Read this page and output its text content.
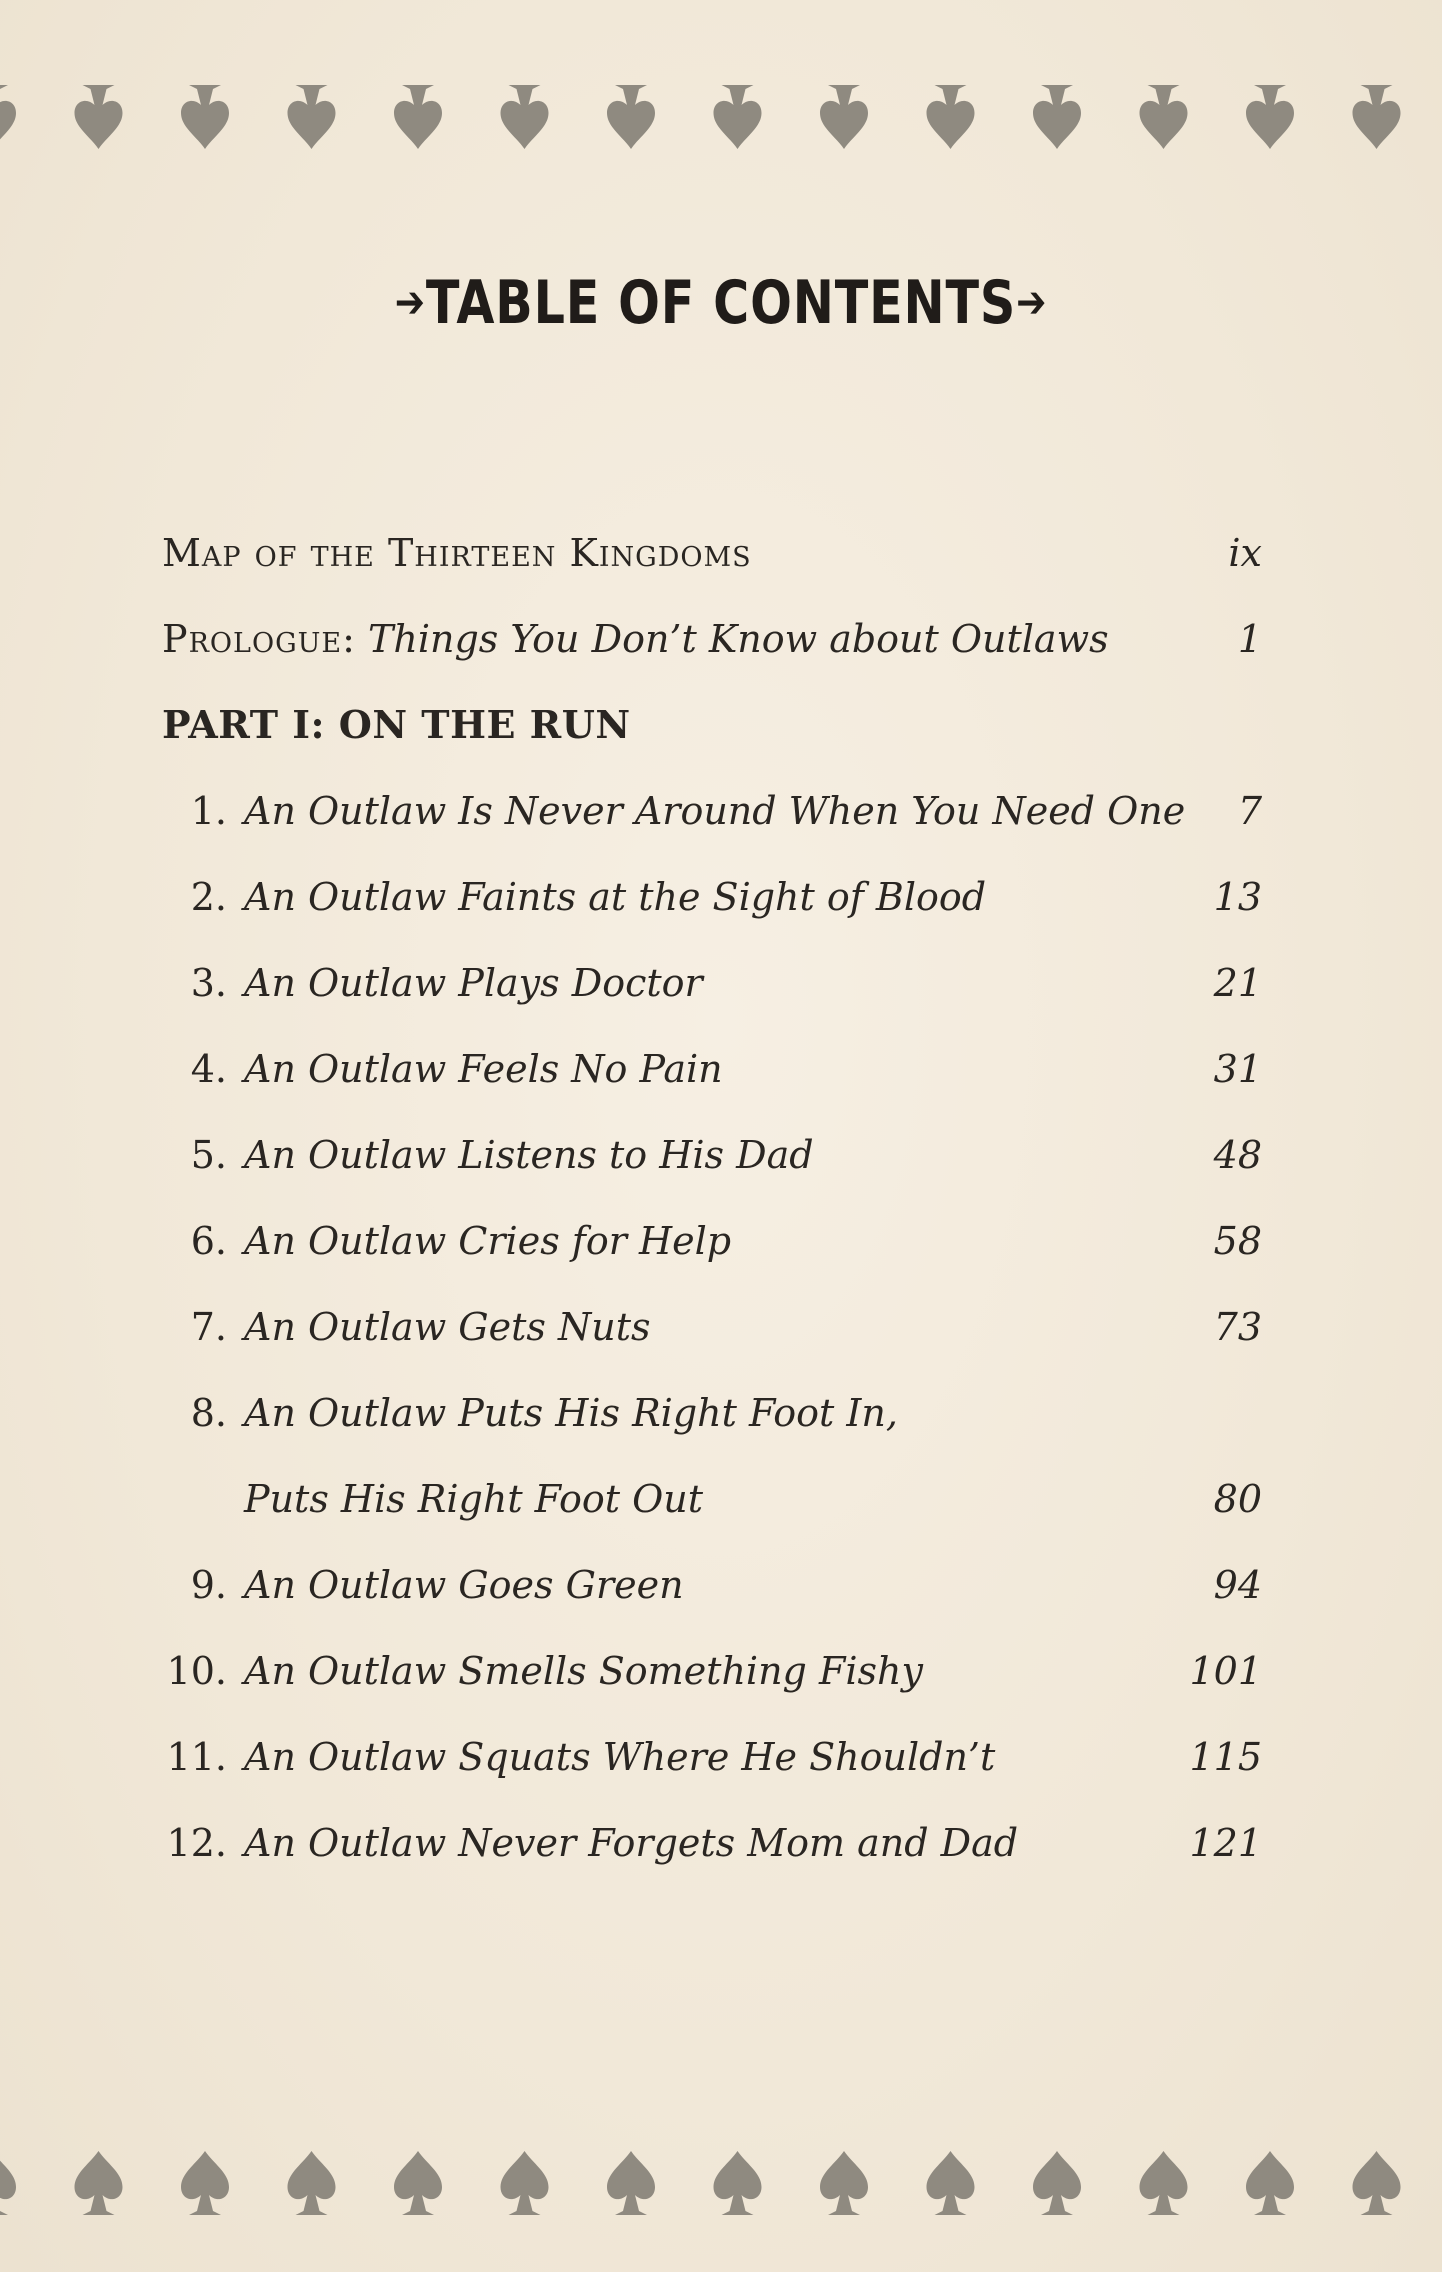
➔TABLE OF CONTENTS➔
Map of the Thirteen Kingdoms	ix
Prologue: Things You Don’t Know about Outlaws	1
PART I: ON THE RUN
1. An Outlaw Is Never Around When You Need One	7
2. An Outlaw Faints at the Sight of Blood	13
3. An Outlaw Plays Doctor	21
4. An Outlaw Feels No Pain	31
5. An Outlaw Listens to His Dad	48
6. An Outlaw Cries for Help	58
7. An Outlaw Gets Nuts	73
8. An Outlaw Puts His Right Foot In,
Puts His Right Foot Out	80
9. An Outlaw Goes Green	94
10. An Outlaw Smells Something Fishy	101
11. An Outlaw Squats Where He Shouldn’t	115
12. An Outlaw Never Forgets Mom and Dad	121
